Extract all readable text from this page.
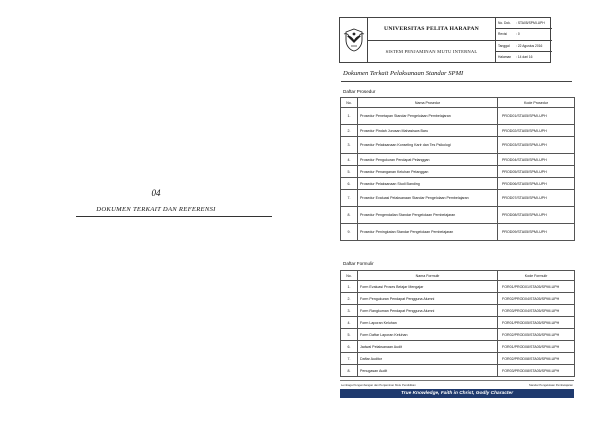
04
DOKUMEN TERKAIT DAN REFERENSI
UNIVERSITAS PELITA HARAPAN
SISTEM PENJAMINAN MUTU INTERNAL
No. Dok. : STA05/SPMI-UPH
Revisi	: 0
Tanggal : 22 Agustus 2016
Halaman : 14 dari 16
Dokumen Terkait Pelaksanaan Standar SPMI
Daftar Prosedur
No.	Nama Prosedur	Kode Prosedur
1.	Prosedur Penetapan Standar Pengelolaan Pembelajaran	PROD01/STA05/SPMI-UPH
2.	Prosedur Pindah Jurusan Mahasiswa Baru	PROD02/STA05/SPMI-UPH
3.	Prosedur Pelaksanaan Konseling Karir dan Tes Psikologi	PROD03/STA05/SPMI-UPH
4.	Prosedur Pengukuran Pendapat Pelanggan	PROD04/STA05/SPMI-UPH
5.	Prosedur Penanganan Keluhan Pelanggan	PROD05/STA05/SPMI-UPH
6.	Prosedur Pelaksanaan Studi Banding	PROD06/STA05/SPMI-UPH
7.	Prosedur Evaluasi Pelaksanaan Standar Pengelolaan Pembelajaran	PROD07/STA05/SPMI-UPH
8.	Prosedur Pengendalian Standar Pengelolaan Pembelajaran	PROD08/STA05/SPMI-UPH
9.	Prosedur Peningkatan Standar Pengelolaan Pembelajaran	PROD09/STA05/SPMI-UPH
Daftar Formulir
No.	Nama Formulir	Kode Formulir
1.	Form Evaluasi Proses Belajar Mengajar	FOR01/PROD01/STA05/SPMI-UPH
2.	Form Pengukuran Pendapat Pengguna Alumni	FOR02/PROD04/STA05/SPMI-UPH
3.	Form Rangkuman Pendapat Pengguna Alumni	FOR03/PROD04/STA05/SPMI-UPH
4.	Form Laporan Keluhan	FOR01/PROD05/STA05/SPMI-UPH
5.	Form Daftar Laporan Keluhan	FOR02/PROD05/STA05/SPMI-UPH
6.	Jadwal Pelaksanaan Audit	FOR01/PROD08/STA05/SPMI-UPH
7.	Daftar Auditor	FOR02/PROD08/STA05/SPMI-UPH
8.	Penugasan Audit	FOR03/PROD08/STA05/SPMI-UPH
Lembaga Pengembangan dan Penjaminan Mutu Pendidikan	Standar Pengelolaan Pembelajaran
True Knowledge, Faith in Christ, Godly Character
